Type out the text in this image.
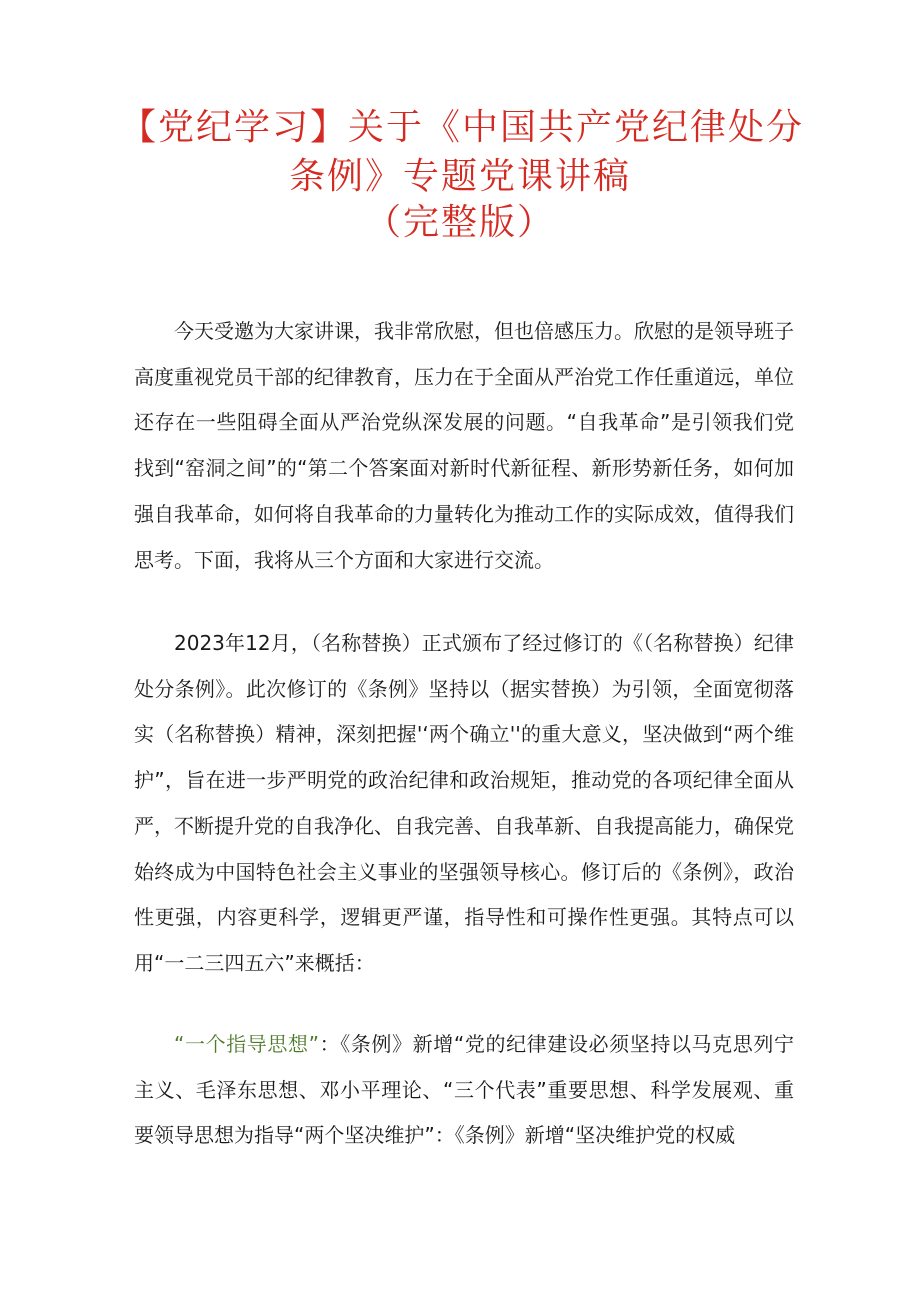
【党纪学习】关于《中国共产党纪律处分
条例》专题党课讲稿
（完整版）

今天受邀为大家讲课，我非常欣慰，但也倍感压力。欣慰的是领导班子高度重视党员干部的纪律教育，压力在于全面从严治党工作任重道远，单位还存在一些阻碍全面从严治党纵深发展的问题。“自我革命”是引领我们党找到“窑洞之间”的“第二个答案面对新时代新征程、新形势新任务，如何加强自我革命，如何将自我革命的力量转化为推动工作的实际成效，值得我们思考。下面，我将从三个方面和大家进行交流。

2023年12月，（名称替换）正式颁布了经过修订的《（名称替换）纪律处分条例》。此次修订的《条例》坚持以（据实替换）为引领，全面宽彻落实（名称替换）精神，深刻把握'‘两个确立''的重大意义，坚决做到“两个维护”，旨在进一步严明党的政治纪律和政治规矩，推动党的各项纪律全面从严，不断提升党的自我净化、自我完善、自我革新、自我提高能力，确保党始终成为中国特色社会主义事业的坚强领导核心。修订后的《条例》，政治性更强，内容更科学，逻辑更严谨，指导性和可操作性更强。其特点可以用“一二三四五六”来概括：

“一个指导思想”：《条例》新增“党的纪律建设必须坚持以马克思列宁主义、毛泽东思想、邓小平理论、“三个代表”重要思想、科学发展观、重要领导思想为指导“两个坚决维护”：《条例》新增“坚决维护党的权威
